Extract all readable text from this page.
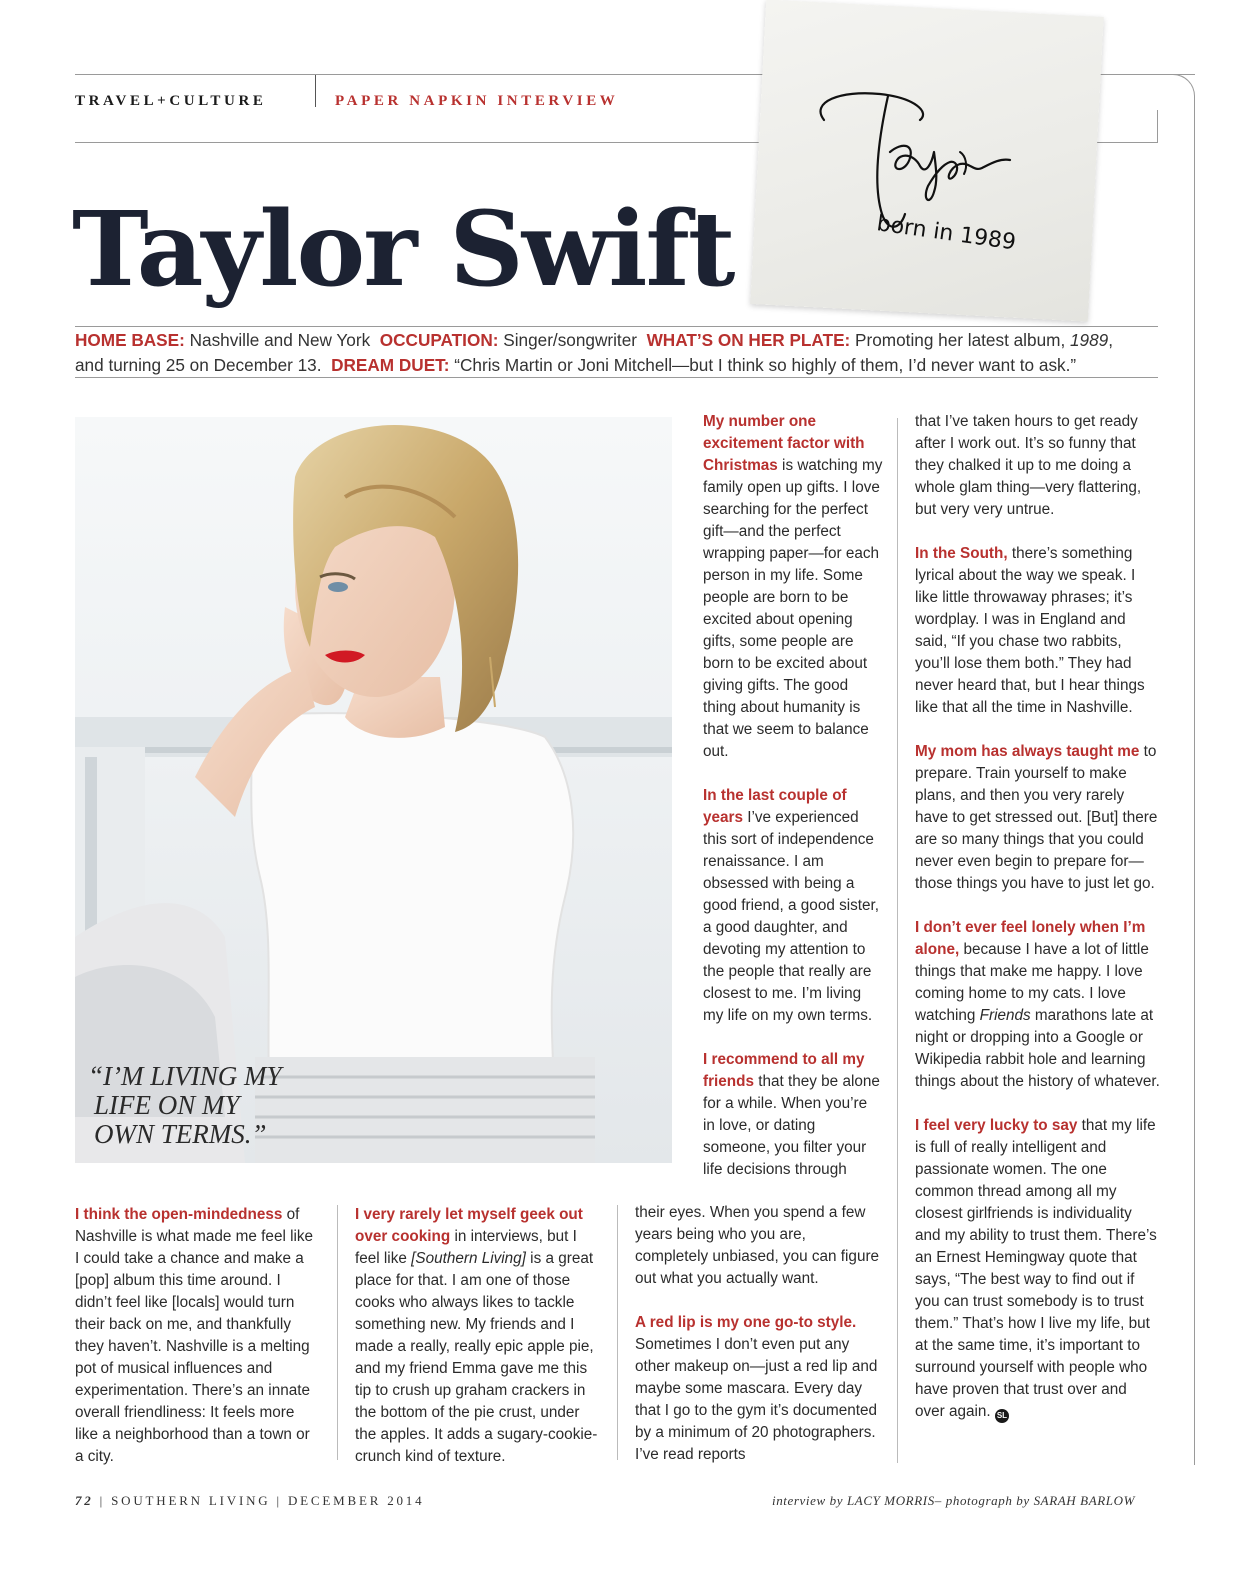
TRAVEL+CULTURE	PAPER NAPKIN INTERVIEW
born in 1989
Taylor Swift
HOME BASE: Nashville and New York OCCUPATION: Singer/songwriter WHAT’S ON HER PLATE: Promoting her latest album, 1989,
and turning 25 on December 13. DREAM DUET: “Chris Martin or Joni Mitchell—but I think so highly of them, I’d never want to ask.”
“I’M LIVING MY
LIFE ON MY
OWN TERMS.”

I think the open-mindedness of Nashville is what made me feel like I could take a chance and make a [pop] album this time around. I didn’t feel like [locals] would turn their back on me, and thankfully they haven’t. Nashville is a melting pot of musical influences and experimentation. There’s an innate overall friendliness: It feels more like a neighborhood than a town or a city.

I very rarely let myself geek out over cooking in interviews, but I feel like [Southern Living] is a great place for that. I am one of those cooks who always likes to tackle something new. My friends and I made a really, really epic apple pie, and my friend Emma gave me this tip to crush up graham crackers in the bottom of the pie crust, under the apples. It adds a sugary-cookie-crunch kind of texture.

My number one excitement factor with Christmas is watching my family open up gifts. I love searching for the perfect gift—and the perfect wrapping paper—for each person in my life. Some people are born to be excited about opening gifts, some people are born to be excited about giving gifts. The good thing about humanity is that we seem to balance out.

In the last couple of years I’ve experienced this sort of independence renaissance. I am obsessed with being a good friend, a good sister, a good daughter, and devoting my attention to the people that really are closest to me. I’m living my life on my own terms.

I recommend to all my friends that they be alone for a while. When you’re in love, or dating someone, you filter your life decisions through

their eyes. When you spend a few years being who you are, completely unbiased, you can figure out what you actually want.

A red lip is my one go-to style. Sometimes I don’t even put any other makeup on—just a red lip and maybe some mascara. Every day that I go to the gym it’s documented by a minimum of 20 photographers. I’ve read reports

that I’ve taken hours to get ready after I work out. It’s so funny that they chalked it up to me doing a whole glam thing—very flattering, but very very untrue.

In the South, there’s something lyrical about the way we speak. I like little throwaway phrases; it’s wordplay. I was in England and said, “If you chase two rabbits, you’ll lose them both.” They had never heard that, but I hear things like that all the time in Nashville.

My mom has always taught me to prepare. Train yourself to make plans, and then you very rarely have to get stressed out. [But] there are so many things that you could never even begin to prepare for—those things you have to just let go.

I don’t ever feel lonely when I’m alone, because I have a lot of little things that make me happy. I love coming home to my cats. I love watching Friends marathons late at night or dropping into a Google or Wikipedia rabbit hole and learning things about the history of whatever.

I feel very lucky to say that my life is full of really intelligent and passionate women. The one common thread among all my closest girlfriends is individuality and my ability to trust them. There’s an Ernest Hemingway quote that says, “The best way to find out if you can trust somebody is to trust them.” That’s how I live my life, but at the same time, it’s important to surround yourself with people who have proven that trust over and over again. SL

72 | SOUTHERN LIVING | DECEMBER 2014	interview by LACY MORRIS– photograph by SARAH BARLOW
